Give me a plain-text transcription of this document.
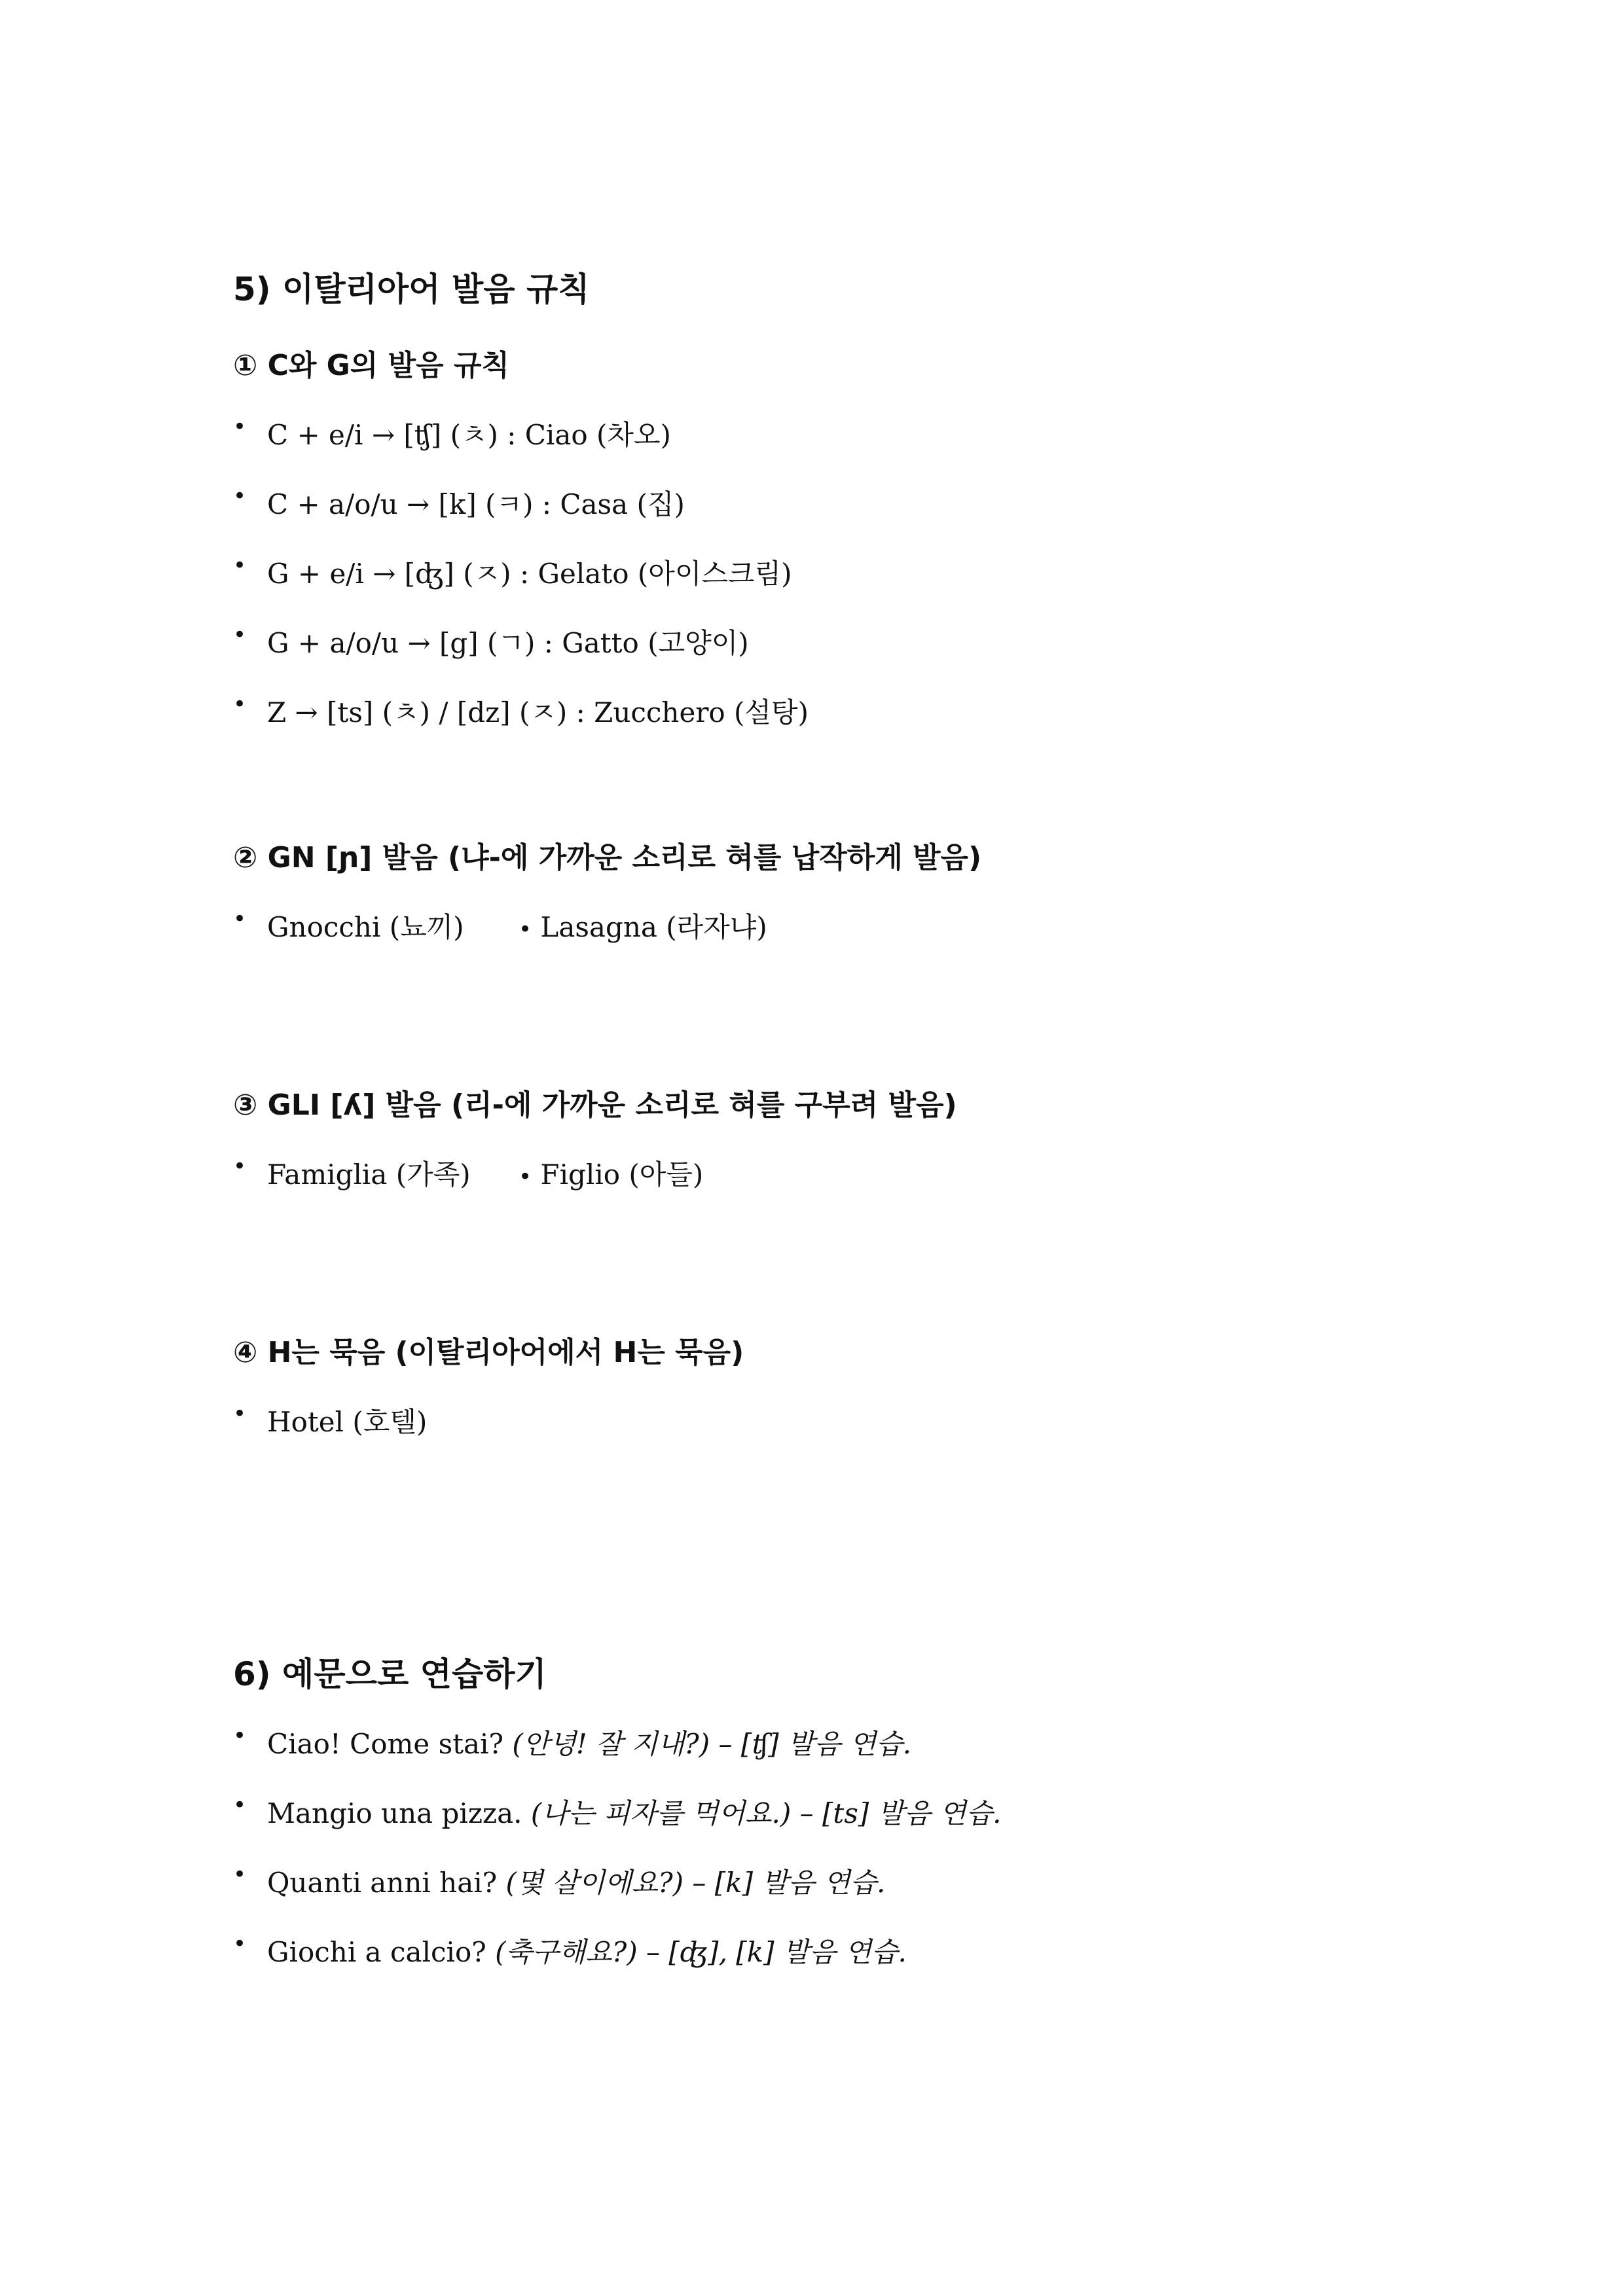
5) 이탈리아어 발음 규칙
① C와 G의 발음 규칙
• C + e/i → [ʧ] (ㅊ) : Ciao (차오)
• C + a/o/u → [k] (ㅋ) : Casa (집)
• G + e/i → [ʤ] (ㅈ) : Gelato (아이스크림)
• G + a/o/u → [g] (ㄱ) : Gatto (고양이)
• Z → [ts] (ㅊ) / [dz] (ㅈ) : Zucchero (설탕)
② GN [ɲ] 발음 (냐-에 가까운 소리로 혀를 납작하게 발음)
• Gnocchi (뇨끼) • Lasagna (라자냐)
③ GLI [ʎ] 발음 (리-에 가까운 소리로 혀를 구부려 발음)
• Famiglia (가족) • Figlio (아들)
④ H는 묵음 (이탈리아어에서 H는 묵음)
• Hotel (호텔)
6) 예문으로 연습하기
• Ciao! Come stai? (안녕! 잘 지내?) – [ʧ] 발음 연습.
• Mangio una pizza. (나는 피자를 먹어요.) – [ts] 발음 연습.
• Quanti anni hai? (몇 살이에요?) – [k] 발음 연습.
• Giochi a calcio? (축구해요?) – [ʤ], [k] 발음 연습.
